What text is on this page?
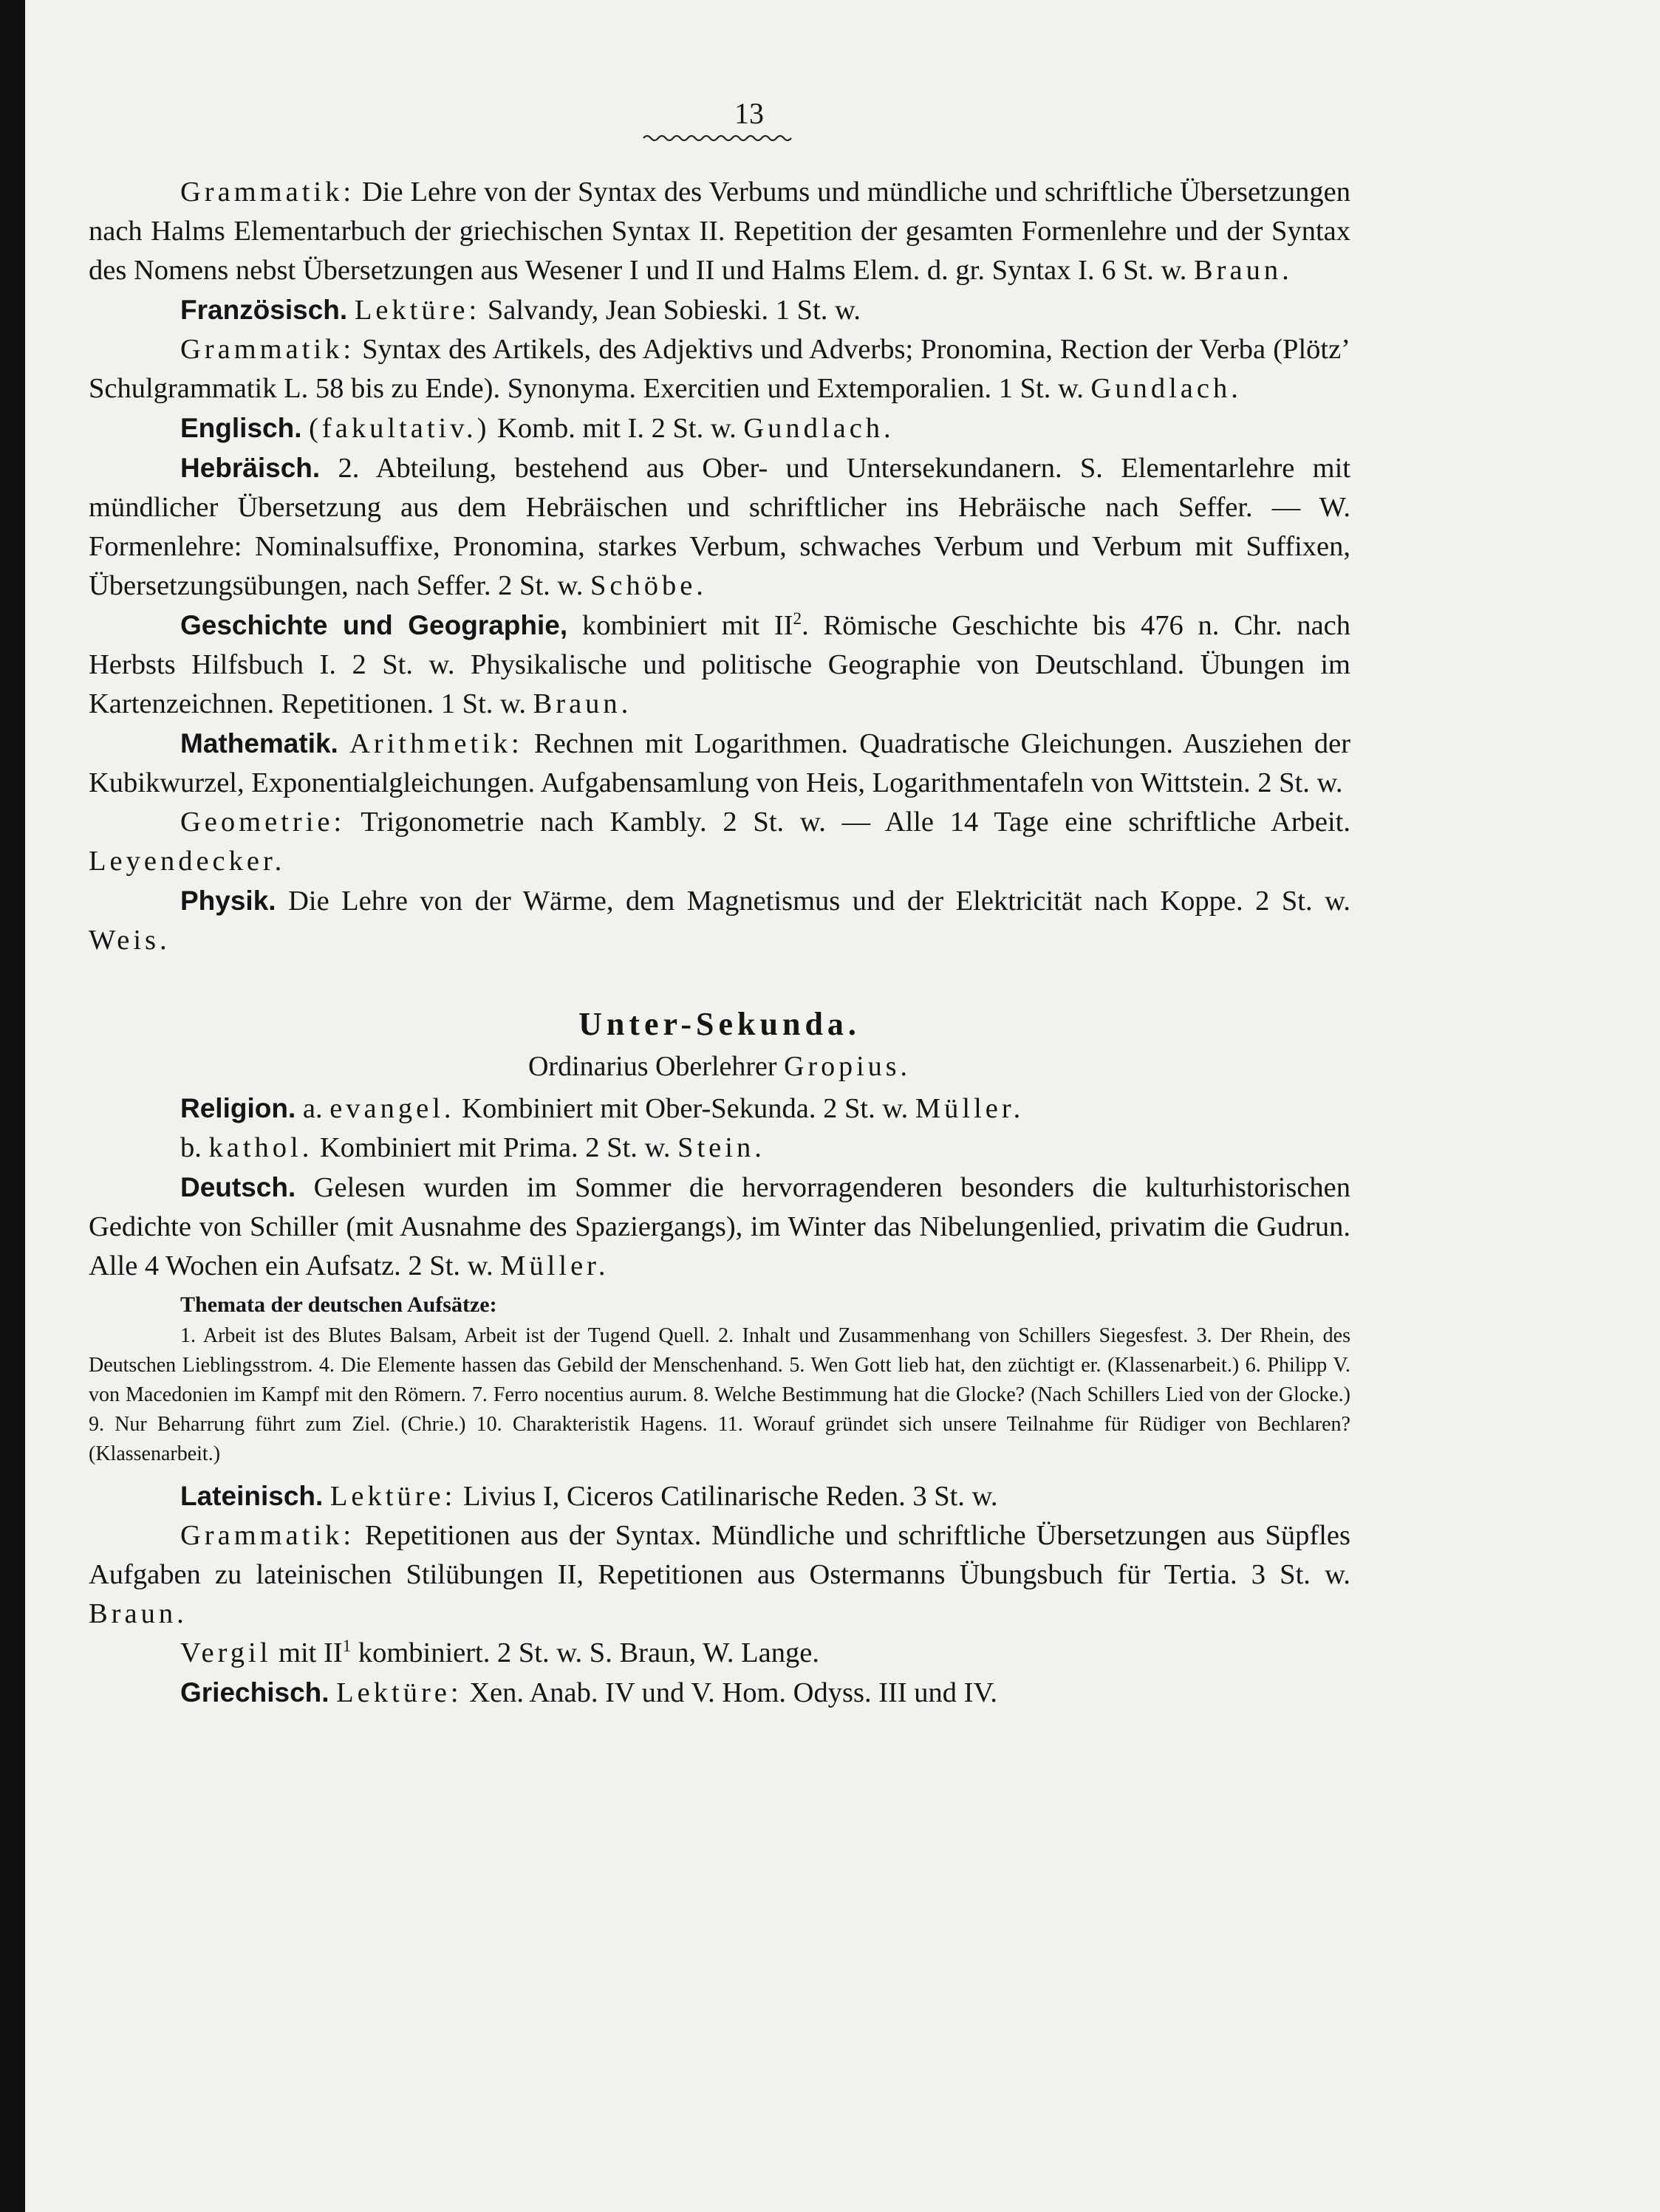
13

Grammatik: Die Lehre von der Syntax des Verbums und mündliche und schriftliche Übersetzungen nach Halms Elementarbuch der griechischen Syntax II. Repetition der gesamten Formenlehre und der Syntax des Nomens nebst Übersetzungen aus Wesener I und II und Halms Elem. d. gr. Syntax I. 6 St. w. Braun.

Französisch. Lektüre: Salvandy, Jean Sobieski. 1 St. w.

Grammatik: Syntax des Artikels, des Adjektivs und Adverbs; Pronomina, Rection der Verba (Plötz’ Schulgrammatik L. 58 bis zu Ende). Synonyma. Exercitien und Extemporalien. 1 St. w. Gundlach.

Englisch. (fakultativ.) Komb. mit I. 2 St. w. Gundlach.

Hebräisch. 2. Abteilung, bestehend aus Ober- und Untersekundanern. S. Elementarlehre mit mündlicher Übersetzung aus dem Hebräischen und schriftlicher ins Hebräische nach Seffer. — W. Formenlehre: Nominalsuffixe, Pronomina, starkes Verbum, schwaches Verbum und Verbum mit Suffixen, Übersetzungsübungen, nach Seffer. 2 St. w. Schöbe.

Geschichte und Geographie, kombiniert mit $II^2$. Römische Geschichte bis 476 n. Chr. nach Herbsts Hilfsbuch I. 2 St. w. Physikalische und politische Geographie von Deutschland. Übungen im Kartenzeichnen. Repetitionen. 1 St. w. Braun.

Mathematik. Arithmetik: Rechnen mit Logarithmen. Quadratische Gleichungen. Ausziehen der Kubikwurzel, Exponentialgleichungen. Aufgabensamlung von Heis, Logarithmentafeln von Wittstein. 2 St. w.

Geometrie: Trigonometrie nach Kambly. 2 St. w. — Alle 14 Tage eine schriftliche Arbeit. Leyendecker.

Physik. Die Lehre von der Wärme, dem Magnetismus und der Elektricität nach Koppe. 2 St. w. Weis.

Unter-Sekunda.
Ordinarius Oberlehrer Gropius.

Religion. a. evangel. Kombiniert mit Ober-Sekunda. 2 St. w. Müller.

b. kathol. Kombiniert mit Prima. 2 St. w. Stein.

Deutsch. Gelesen wurden im Sommer die hervorragenderen besonders die kulturhistorischen Gedichte von Schiller (mit Ausnahme des Spaziergangs), im Winter das Nibelungenlied, privatim die Gudrun. Alle 4 Wochen ein Aufsatz. 2 St. w. Müller.

Themata der deutschen Aufsätze:

1. Arbeit ist des Blutes Balsam, Arbeit ist der Tugend Quell. 2. Inhalt und Zusammenhang von Schillers Siegesfest. 3. Der Rhein, des Deutschen Lieblingsstrom. 4. Die Elemente hassen das Gebild der Menschenhand. 5. Wen Gott lieb hat, den züchtigt er. (Klassenarbeit.) 6. Philipp V. von Macedonien im Kampf mit den Römern. 7. Ferro nocentius aurum. 8. Welche Bestimmung hat die Glocke? (Nach Schillers Lied von der Glocke.) 9. Nur Beharrung führt zum Ziel. (Chrie.) 10. Charakteristik Hagens. 11. Worauf gründet sich unsere Teilnahme für Rüdiger von Bechlaren? (Klassenarbeit.)

Lateinisch. Lektüre: Livius I, Ciceros Catilinarische Reden. 3 St. w.

Grammatik: Repetitionen aus der Syntax. Mündliche und schriftliche Übersetzungen aus Süpfles Aufgaben zu lateinischen Stilübungen II, Repetitionen aus Ostermanns Übungsbuch für Tertia. 3 St. w. Braun.

Vergil mit $II^1$ kombiniert. 2 St. w. S. Braun, W. Lange.

Griechisch. Lektüre: Xen. Anab. IV und V. Hom. Odyss. III und IV.
